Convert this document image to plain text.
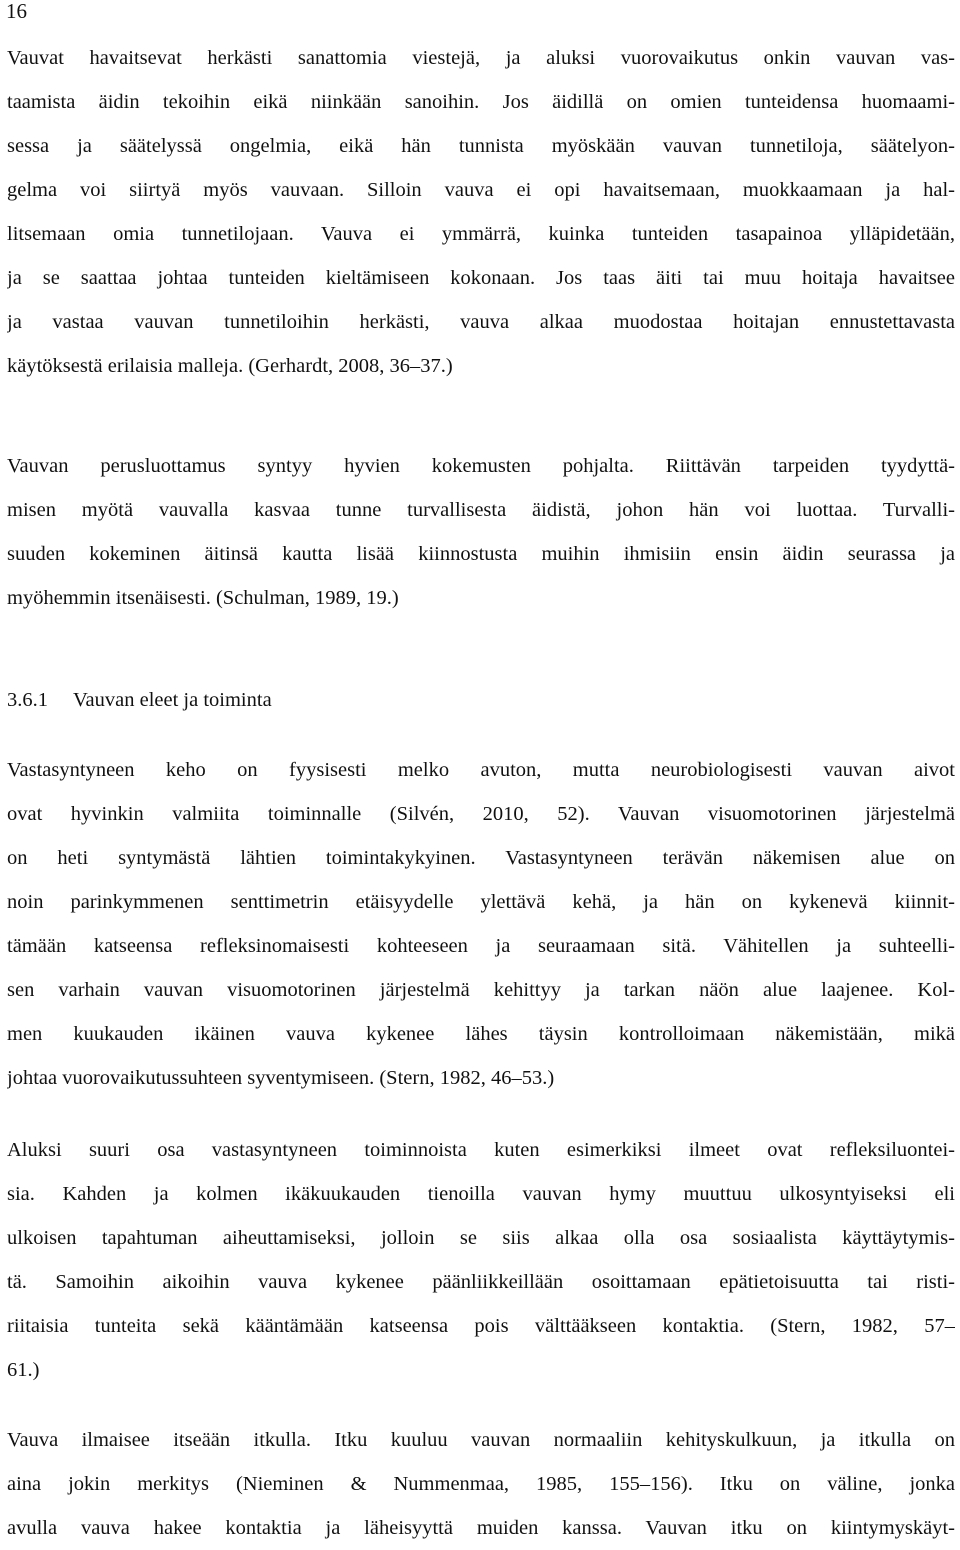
16
Vauvat havaitsevat herkästi sanattomia viestejä, ja aluksi vuorovaikutus onkin vauvan vas-
taamista äidin tekoihin eikä niinkään sanoihin. Jos äidillä on omien tunteidensa huomaami-
sessa ja säätelyssä ongelmia, eikä hän tunnista myöskään vauvan tunnetiloja, säätelyon-
gelma voi siirtyä myös vauvaan. Silloin vauva ei opi havaitsemaan, muokkaamaan ja hal-
litsemaan omia tunnetilojaan. Vauva ei ymmärrä, kuinka tunteiden tasapainoa ylläpidetään,
ja se saattaa johtaa tunteiden kieltämiseen kokonaan. Jos taas äiti tai muu hoitaja havaitsee
ja vastaa vauvan tunnetiloihin herkästi, vauva alkaa muodostaa hoitajan ennustettavasta
käytöksestä erilaisia malleja. (Gerhardt, 2008, 36–37.)
Vauvan perusluottamus syntyy hyvien kokemusten pohjalta. Riittävän tarpeiden tyydyttä-
misen myötä vauvalla kasvaa tunne turvallisesta äidistä, johon hän voi luottaa. Turvalli-
suuden kokeminen äitinsä kautta lisää kiinnostusta muihin ihmisiin ensin äidin seurassa ja
myöhemmin itsenäisesti. (Schulman, 1989, 19.)
3.6.1 Vauvan eleet ja toiminta
Vastasyntyneen keho on fyysisesti melko avuton, mutta neurobiologisesti vauvan aivot
ovat hyvinkin valmiita toiminnalle (Silvén, 2010, 52). Vauvan visuomotorinen järjestelmä
on heti syntymästä lähtien toimintakykyinen. Vastasyntyneen terävän näkemisen alue on
noin parinkymmenen senttimetrin etäisyydelle ylettävä kehä, ja hän on kykenevä kiinnit-
tämään katseensa refleksinomaisesti kohteeseen ja seuraamaan sitä. Vähitellen ja suhteelli-
sen varhain vauvan visuomotorinen järjestelmä kehittyy ja tarkan näön alue laajenee. Kol-
men kuukauden ikäinen vauva kykenee lähes täysin kontrolloimaan näkemistään, mikä
johtaa vuorovaikutussuhteen syventymiseen. (Stern, 1982, 46–53.)
Aluksi suuri osa vastasyntyneen toiminnoista kuten esimerkiksi ilmeet ovat refleksiluontei-
sia. Kahden ja kolmen ikäkuukauden tienoilla vauvan hymy muuttuu ulkosyntyiseksi eli
ulkoisen tapahtuman aiheuttamiseksi, jolloin se siis alkaa olla osa sosiaalista käyttäytymis-
tä. Samoihin aikoihin vauva kykenee päänliikkeillään osoittamaan epätietoisuutta tai risti-
riitaisia tunteita sekä kääntämään katseensa pois välttääkseen kontaktia. (Stern, 1982, 57–
61.)
Vauva ilmaisee itseään itkulla. Itku kuuluu vauvan normaaliin kehityskulkuun, ja itkulla on
aina jokin merkitys (Nieminen & Nummenmaa, 1985, 155–156). Itku on väline, jonka
avulla vauva hakee kontaktia ja läheisyyttä muiden kanssa. Vauvan itku on kiintymyskäyt-
